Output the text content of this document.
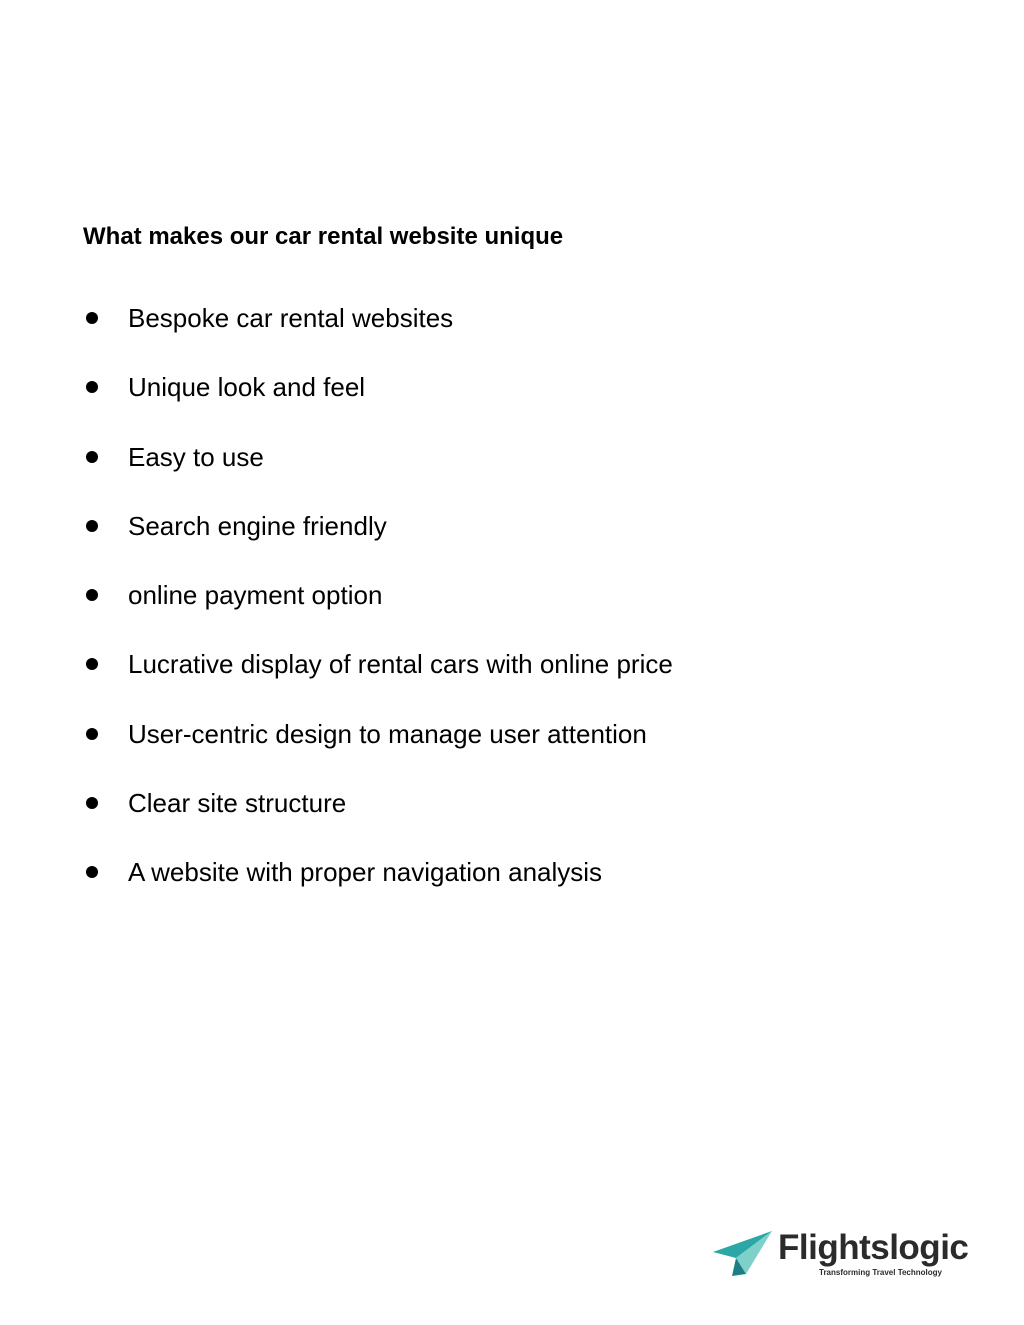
What makes our car rental website unique
Bespoke car rental websites
Unique look and feel
Easy to use
Search engine friendly
online payment option
Lucrative display of rental cars with online price
User-centric design to manage user attention
Clear site structure
A website with proper navigation analysis
Flightslogic
Transforming Travel Technology
